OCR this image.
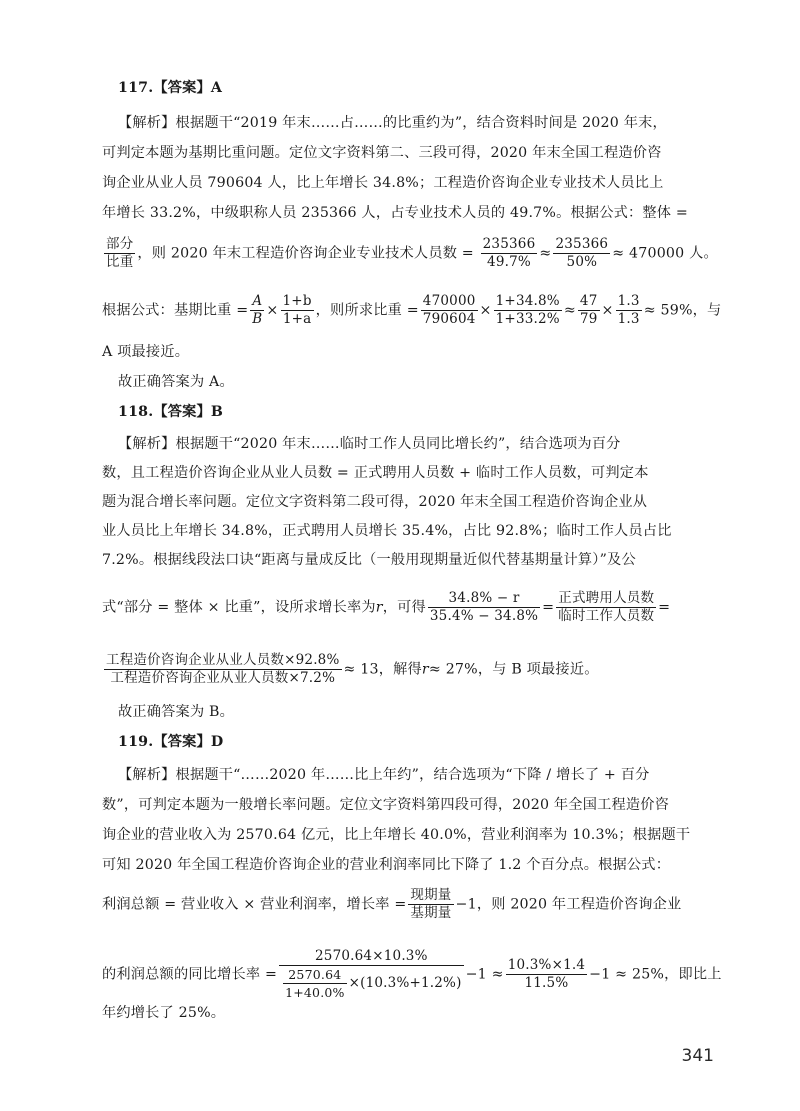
117.【答案】A
【解析】根据题干“2019 年末……占……的比重约为”，结合资料时间是 2020 年末，
可判定本题为基期比重问题。定位文字资料第二、三段可得，2020 年末全国工程造价咨
询企业从业人员 790604 人，比上年增长 34.8%；工程造价咨询企业专业技术人员比上
年增长 33.2%，中级职称人员 235366 人，占专业技术人员的 49.7%。根据公式：整体 =
$\frac{\text{部分}}{\text{比重}}$ ，则 2020 年末工程造价咨询企业专业技术人员数 = $\frac{235366}{49.7\%} \approx \frac{235366}{50\%} \approx 470000$ 人。
根据公式：基期比重 = $\frac{A}{B} \times \frac{1+b}{1+a}$ ，则所求比重 = $\frac{470000}{790604} \times \frac{1+34.8\%}{1+33.2\%} \approx \frac{47}{79} \times \frac{1.3}{1.3} \approx 59\%$，与
A 项最接近。
故正确答案为 A。
118.【答案】B
【解析】根据题干“2020 年末……临时工作人员同比增长约”，结合选项为百分
数，且工程造价咨询企业从业人员数 = 正式聘用人员数 + 临时工作人员数，可判定本
题为混合增长率问题。定位文字资料第二段可得，2020 年末全国工程造价咨询企业从
业人员比上年增长 34.8%，正式聘用人员增长 35.4%，占比 92.8%；临时工作人员占比
7.2%。根据线段法口诀“距离与量成反比（一般用现期量近似代替基期量计算）”及公
式“部分 = 整体 × 比重”，设所求增长率为r，可得 $\frac{34.8\% - r}{35.4\% - 34.8\%} = \frac{\text{正式聘用人员数}}{\text{临时工作人员数}}$ =
$\frac{\text{工程造价咨询企业从业人员数×92.8\%}}{\text{工程造价咨询企业从业人员数×7.2\%}} \approx 13$，解得r≈ 27%，与 B 项最接近。
故正确答案为 B。
119.【答案】D
【解析】根据题干“……2020 年……比上年约”，结合选项为“下降 / 增长了 + 百分
数”，可判定本题为一般增长率问题。定位文字资料第四段可得，2020 年全国工程造价咨
询企业的营业收入为 2570.64 亿元，比上年增长 40.0%，营业利润率为 10.3%；根据题干
可知 2020 年全国工程造价咨询企业的营业利润率同比下降了 1.2 个百分点。根据公式：
利润总额 = 营业收入 × 营业利润率，增长率 = $\frac{\text{现期量}}{\text{基期量}} -1$，则 2020 年工程造价咨询企业
的利润总额的同比增长率 = $\frac{2570.64\times 10.3\%}{\frac{2570.64}{1+40.0\%} \times(10.3\%+1.2\%)} -1 \approx \frac{10.3\%\times 1.4}{11.5\%} -1 \approx 25\%$，即比上
年约增长了 25%。
341
